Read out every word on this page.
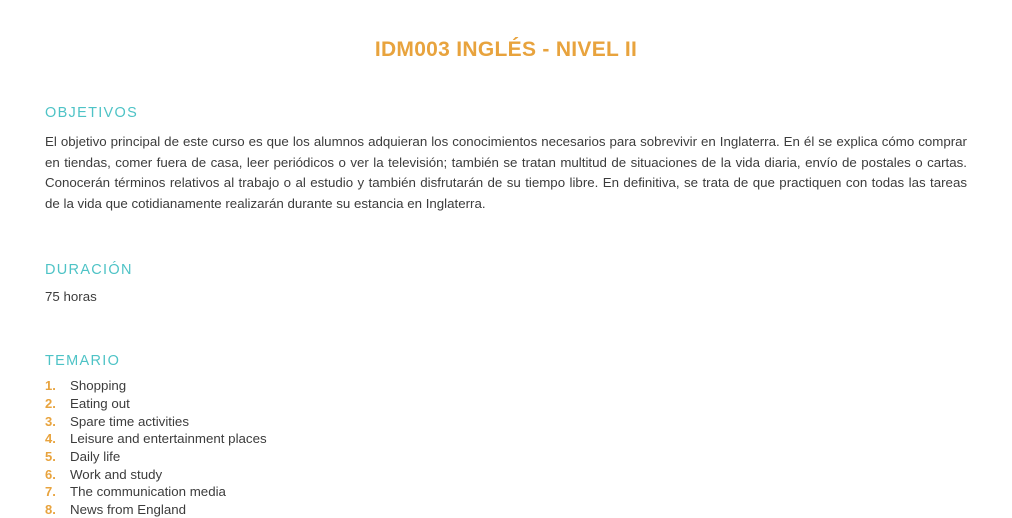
IDM003 INGLÉS - NIVEL II
OBJETIVOS

El objetivo principal de este curso es que los alumnos adquieran los conocimientos necesarios para sobrevivir en Inglaterra. En él se explica cómo comprar en tiendas, comer fuera de casa, leer periódicos o ver la televisión; también se tratan multitud de situaciones de la vida diaria, envío de postales o cartas. Conocerán términos relativos al trabajo o al estudio y también disfrutarán de su tiempo libre. En definitiva, se trata de que practiquen con todas las tareas de la vida que cotidianamente realizarán durante su estancia en Inglaterra.

DURACIÓN

75 horas

TEMARIO
1.	Shopping
2.	Eating out
3.	Spare time activities
4.	Leisure and entertainment places
5.	Daily life
6.	Work and study
7.	The communication media
8.	News from England
